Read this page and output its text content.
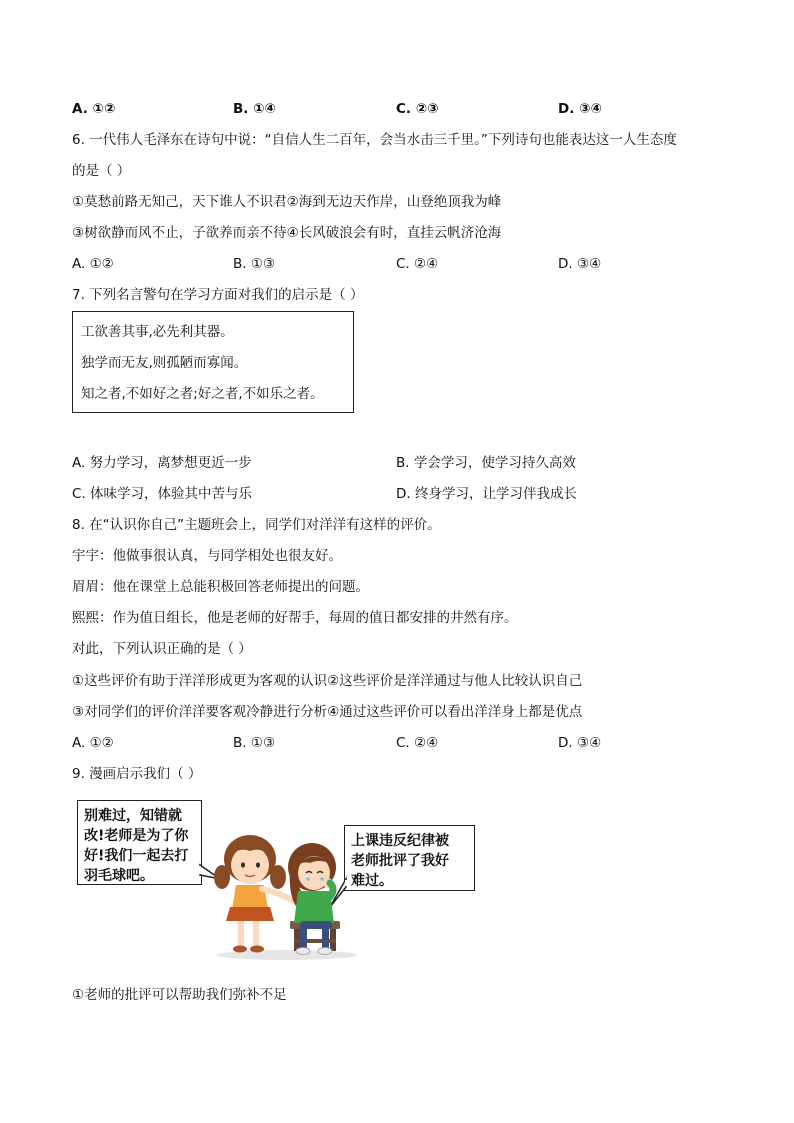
A. ①②	B. ①④	C. ②③	D. ③④
6. 一代伟人毛泽东在诗句中说：“自信人生二百年，会当水击三千里。”下列诗句也能表达这一人生态度
的是（ ）
①莫愁前路无知己，天下谁人不识君②海到无边天作岸，山登绝顶我为峰
③树欲静而风不止，子欲养而亲不待④长风破浪会有时，直挂云帆济沧海
A. ①②	B. ①③	C. ②④	D. ③④
7. 下列名言警句在学习方面对我们的启示是（ ）
工欲善其事,必先利其器。
独学而无友,则孤陋而寡闻。
知之者,不如好之者;好之者,不如乐之者。
A. 努力学习，离梦想更近一步	B. 学会学习，使学习持久高效
C. 体味学习，体验其中苦与乐	D. 终身学习，让学习伴我成长
8. 在“认识你自己”主题班会上，同学们对洋洋有这样的评价。
宇宇：他做事很认真，与同学相处也很友好。
眉眉：他在课堂上总能积极回答老师提出的问题。
熙熙：作为值日组长，他是老师的好帮手，每周的值日都安排的井然有序。
对此，下列认识正确的是（ ）
①这些评价有助于洋洋形成更为客观的认识②这些评价是洋洋通过与他人比较认识自己
③对同学们的评价洋洋要客观冷静进行分析④通过这些评价可以看出洋洋身上都是优点
A. ①②	B. ①③	C. ②④	D. ③④
9. 漫画启示我们（ ）
别难过，知错就
改!老师是为了你
好!我们一起去打
羽毛球吧。
上课违反纪律被
老师批评了我好
难过。
①老师的批评可以帮助我们弥补不足
